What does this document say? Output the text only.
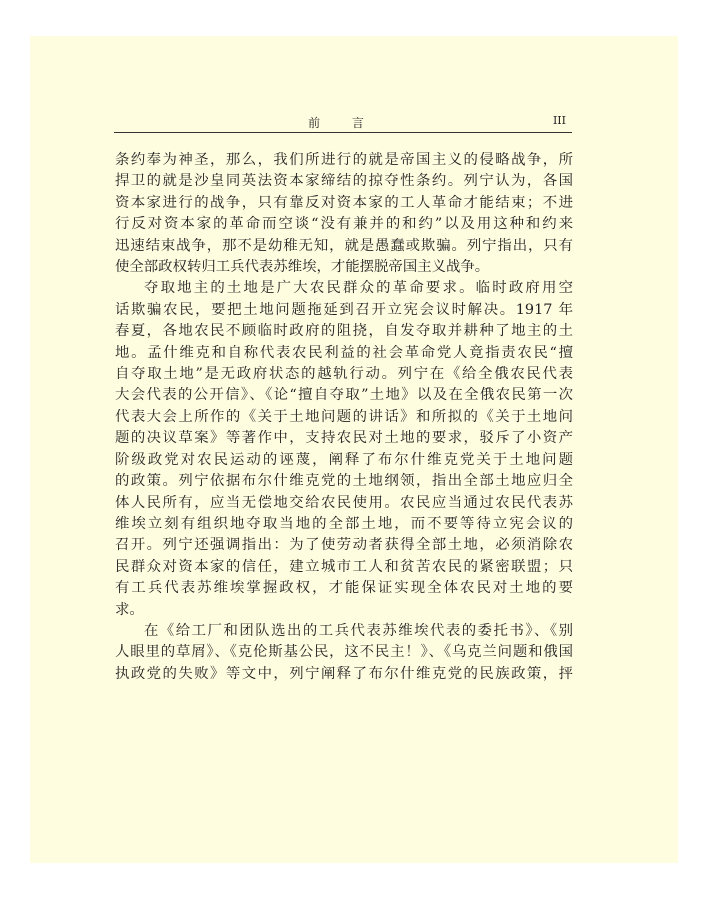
前 言	III
条约奉为神圣，那么，我们所进行的就是帝国主义的侵略战争，所
捍卫的就是沙皇同英法资本家缔结的掠夺性条约。列宁认为，各国
资本家进行的战争，只有靠反对资本家的工人革命才能结束；不进
行反对资本家的革命而空谈“没有兼并的和约”以及用这种和约来
迅速结束战争，那不是幼稚无知，就是愚蠢或欺骗。列宁指出，只有
使全部政权转归工兵代表苏维埃，才能摆脱帝国主义战争。
夺取地主的土地是广大农民群众的革命要求。临时政府用空
话欺骗农民，要把土地问题拖延到召开立宪会议时解决。1917 年
春夏，各地农民不顾临时政府的阻挠，自发夺取并耕种了地主的土
地。孟什维克和自称代表农民利益的社会革命党人竟指责农民“擅
自夺取土地”是无政府状态的越轨行动。列宁在《给全俄农民代表
大会代表的公开信》、《论“擅自夺取”土地》以及在全俄农民第一次
代表大会上所作的《关于土地问题的讲话》和所拟的《关于土地问
题的决议草案》等著作中，支持农民对土地的要求，驳斥了小资产
阶级政党对农民运动的诬蔑，阐释了布尔什维克党关于土地问题
的政策。列宁依据布尔什维克党的土地纲领，指出全部土地应归全
体人民所有，应当无偿地交给农民使用。农民应当通过农民代表苏
维埃立刻有组织地夺取当地的全部土地，而不要等待立宪会议的
召开。列宁还强调指出：为了使劳动者获得全部土地，必须消除农
民群众对资本家的信任，建立城市工人和贫苦农民的紧密联盟；只
有工兵代表苏维埃掌握政权，才能保证实现全体农民对土地的要
求。
在《给工厂和团队选出的工兵代表苏维埃代表的委托书》、《别
人眼里的草屑》、《克伦斯基公民，这不民主！》、《乌克兰问题和俄国
执政党的失败》等文中，列宁阐释了布尔什维克党的民族政策，抨
